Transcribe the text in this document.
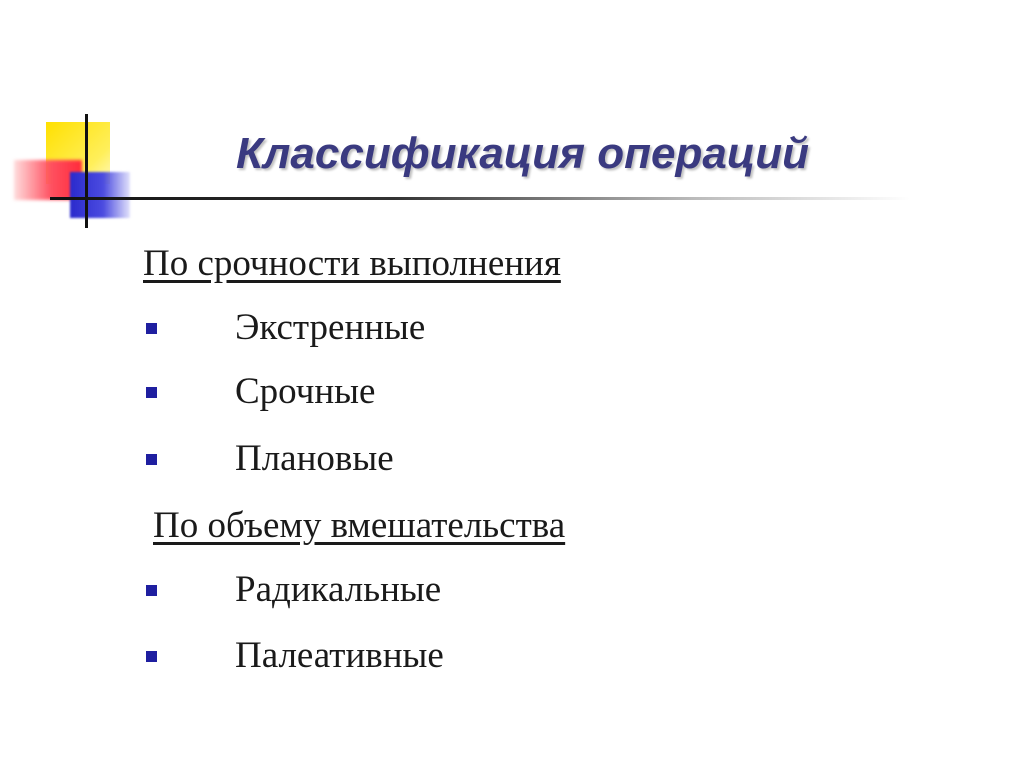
Классификация операций
По срочности выполнения
Экстренные
Срочные
Плановые
По объему вмешательства
Радикальные
Палеативные
